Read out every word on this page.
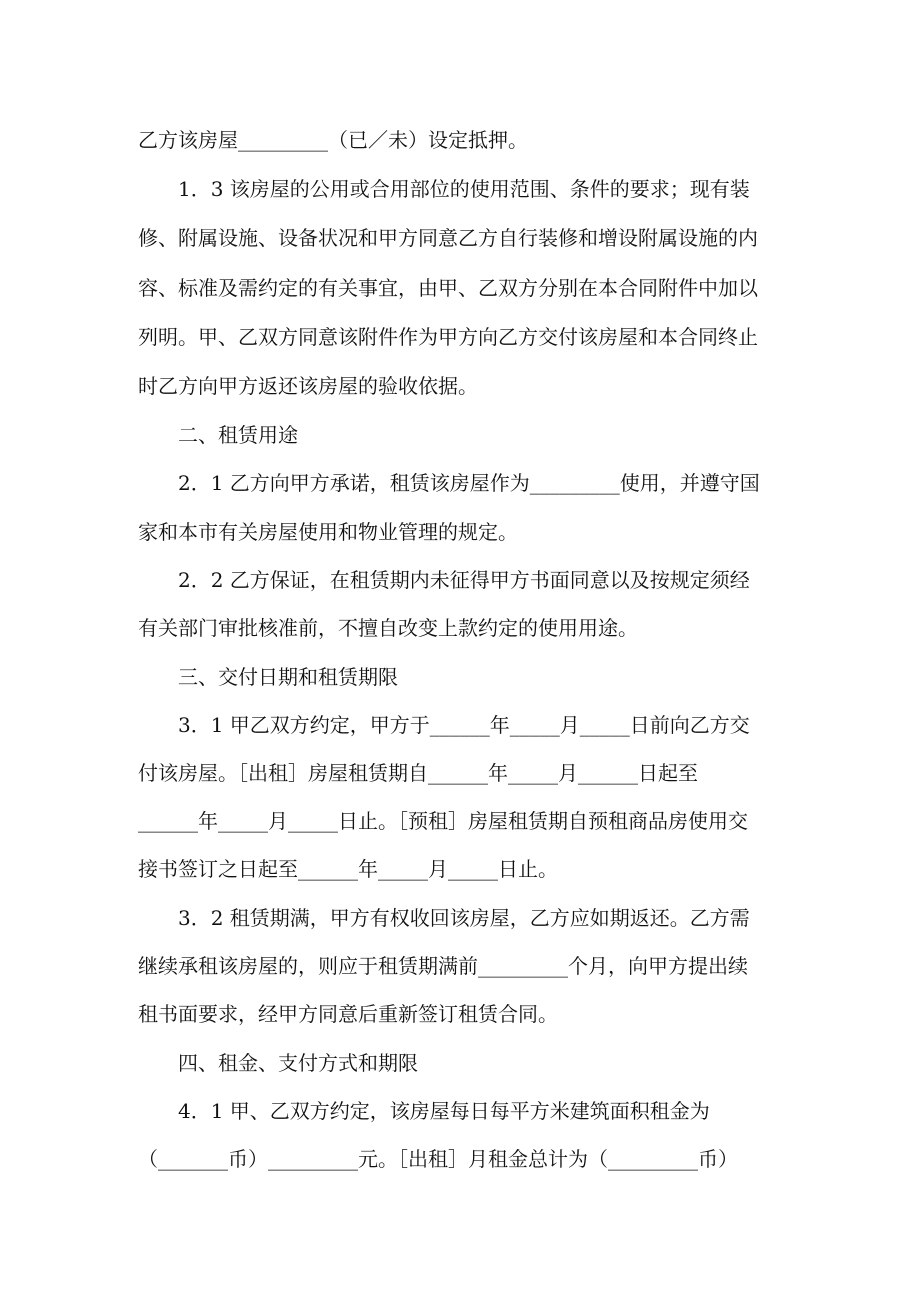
乙方该房屋_________（已／未）设定抵押。
1．3 该房屋的公用或合用部位的使用范围、条件的要求；现有装
修、附属设施、设备状况和甲方同意乙方自行装修和增设附属设施的内
容、标准及需约定的有关事宜，由甲、乙双方分别在本合同附件中加以
列明。甲、乙双方同意该附件作为甲方向乙方交付该房屋和本合同终止
时乙方向甲方返还该房屋的验收依据。
二、租赁用途
2．1 乙方向甲方承诺，租赁该房屋作为_________使用，并遵守国
家和本市有关房屋使用和物业管理的规定。
2．2 乙方保证，在租赁期内未征得甲方书面同意以及按规定须经
有关部门审批核准前，不擅自改变上款约定的使用用途。
三、交付日期和租赁期限
3．1 甲乙双方约定，甲方于______年_____月_____日前向乙方交
付该房屋。［出租］房屋租赁期自______年_____月______日起至
______年_____月_____日止。［预租］房屋租赁期自预租商品房使用交
接书签订之日起至______年_____月_____日止。
3．2 租赁期满，甲方有权收回该房屋，乙方应如期返还。乙方需
继续承租该房屋的，则应于租赁期满前_________个月，向甲方提出续
租书面要求，经甲方同意后重新签订租赁合同。
四、租金、支付方式和期限
4．1 甲、乙双方约定，该房屋每日每平方米建筑面积租金为
（_______币）_________元。［出租］月租金总计为（_________币）
